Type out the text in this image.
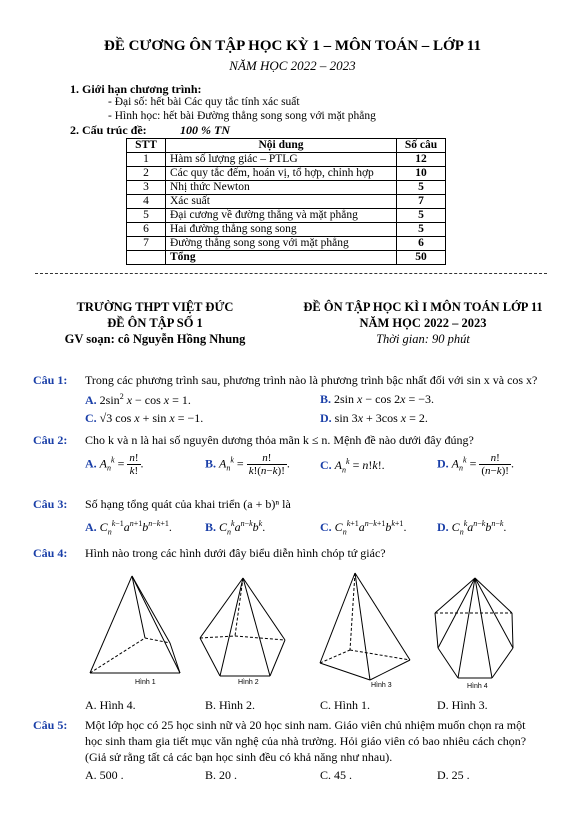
ĐỀ CƯƠNG ÔN TẬP HỌC KỲ 1 – MÔN TOÁN – LỚP 11
NĂM HỌC 2022 – 2023
1. Giới hạn chương trình:
- Đại số: hết bài Các quy tắc tính xác suất
- Hình học: hết bài Đường thẳng song song với mặt phẳng
2. Cấu trúc đề:	100 % TN
STT	Nội dung	Số câu
1	Hàm số lượng giác – PTLG	12
2	Các quy tắc đếm, hoán vị, tổ hợp, chỉnh hợp	10
3	Nhị thức Newton	5
4	Xác suất	7
5	Đại cương về đường thẳng và mặt phẳng	5
6	Hai đường thẳng song song	5
7	Đường thẳng song song với mặt phẳng	6
	Tổng	50
TRƯỜNG THPT VIỆT ĐỨC
ĐỀ ÔN TẬP SỐ 1
GV soạn: cô Nguyễn Hồng Nhung
ĐỀ ÔN TẬP HỌC KÌ I MÔN TOÁN LỚP 11
NĂM HỌC 2022 – 2023
Thời gian: 90 phút
Câu 1: Trong các phương trình sau, phương trình nào là phương trình bậc nhất đối với sin x và cos x?
A. $2\sin^2$ x − cos x = 1.	B. 2sin x − cos 2x = −3.
C. √3 cos x + sin x = −1.	D. sin 3x + 3cos x = 2.
Câu 2: Cho k và n là hai số nguyên dương thỏa mãn k ≤ n. Mệnh đề nào dưới đây đúng?
A. $A_n^k = \frac{n!}{k!}$ .	B. $A_n^k = \frac{n!}{k!(n-k)!}$ .	C. $A_n^k = n!k$!.	D. $A_n^k = \frac{n!}{(n-k)!}$ .
Câu 3: Số hạng tổng quát của khai triển (a + b)ⁿ là
A. $C_n^{k-1}a^{n+1}b^{n-k+1}$.	B. $C_n^ka^{n-k}b^k$.	C. $C_n^{k+1}a^{n-k+1}b^{k+1}$.	D. $C_n^ka^{n-k}b^{n-k}$.
Câu 4: Hình nào trong các hình dưới đây biểu diễn hình chóp tứ giác?
Hình 1	Hình 2	Hình 3	Hình 4
A. Hình 4.	B. Hình 2.	C. Hình 1.	D. Hình 3.
Câu 5: Một lớp học có 25 học sinh nữ và 20 học sinh nam. Giáo viên chủ nhiệm muốn chọn ra một
học sinh tham gia tiết mục văn nghệ của nhà trường. Hỏi giáo viên có bao nhiêu cách chọn?
(Giả sử rằng tất cả các bạn học sinh đều có khả năng như nhau).
A. 500 .	B. 20 .	C. 45 .	D. 25 .
